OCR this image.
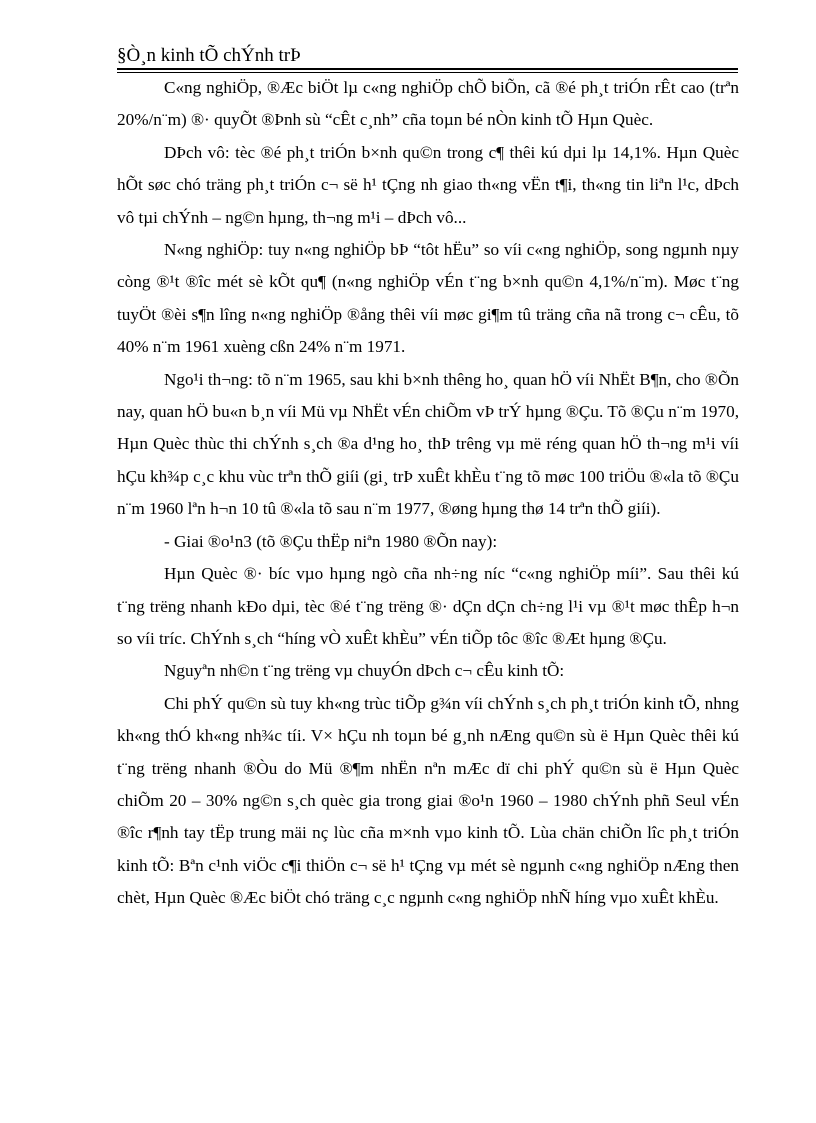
§Ò¸n kinh tÕ chÝnh trÞ

C«ng nghiÖp, ®Æc biÖt lµ c«ng nghiÖp chÕ biÕn, cã ®é ph¸t triÓn rÊt cao (trªn 20%/n¨m) ®· quyÕt ®Þnh sù “cÊt c¸nh” cña toµn bé nÒn kinh tÕ Hµn Quèc.

DÞch vô: tèc ®é ph¸t triÓn b×nh qu©n trong c¶ thêi kú dµi lµ 14,1%. Hµn Quèc hÕt søc chó träng ph¸t triÓn c¬ së h¹ tÇng nh giao th«ng vËn t¶i, th«ng tin liªn l¹c, dÞch vô tµi chÝnh – ng©n hµng, th¬ng m¹i – dÞch vô...

N«ng nghiÖp: tuy n«ng nghiÖp bÞ “tôt hËu” so víi c«ng nghiÖp, song ngµnh nµy còng ®¹t ®îc mét sè kÕt qu¶ (n«ng nghiÖp vÉn t¨ng b×nh qu©n 4,1%/n¨m). Møc t¨ng tuyÖt ®èi s¶n lîng n«ng nghiÖp ®ång thêi víi møc gi¶m tû träng cña nã trong c¬ cÊu, tõ 40% n¨m 1961 xuèng cßn 24% n¨m 1971.

Ngo¹i th¬ng: tõ n¨m 1965, sau khi b×nh thêng ho¸ quan hÖ víi NhËt B¶n, cho ®Õn nay, quan hÖ bu«n b¸n víi Mü vµ NhËt vÉn chiÕm vÞ trÝ hµng ®Çu. Tõ ®Çu n¨m 1970, Hµn Quèc thùc thi chÝnh s¸ch ®a d¹ng ho¸ thÞ trêng vµ më réng quan hÖ th¬ng m¹i víi hÇu kh¾p c¸c khu vùc trªn thÕ giíi (gi¸ trÞ xuÊt khÈu t¨ng tõ møc 100 triÖu ®«la tõ ®Çu n¨m 1960 lªn h¬n 10 tû ®«la tõ sau n¨m 1977, ®øng hµng thø 14 trªn thÕ giíi).

- Giai ®o¹n3 (tõ ®Çu thËp niªn 1980 ®Õn nay):

Hµn Quèc ®· bíc vµo hµng ngò cña nh÷ng níc “c«ng nghiÖp míi”. Sau thêi kú t¨ng trëng nhanh kÐo dµi, tèc ®é t¨ng trëng ®· dÇn dÇn ch÷ng l¹i vµ ®¹t møc thÊp h¬n so víi tríc. ChÝnh s¸ch “híng vÒ xuÊt khÈu” vÉn tiÕp tôc ®îc ®Æt hµng ®Çu.

Nguyªn nh©n t¨ng trëng vµ chuyÓn dÞch c¬ cÊu kinh tÕ:

Chi phÝ qu©n sù tuy kh«ng trùc tiÕp g¾n víi chÝnh s¸ch ph¸t triÓn kinh tÕ, nhng kh«ng thÓ kh«ng nh¾c tíi. V× hÇu nh toµn bé g¸nh nÆng qu©n sù ë Hµn Quèc thêi kú t¨ng trëng nhanh ®Òu do Mü ®¶m nhËn nªn mÆc dï chi phÝ qu©n sù ë Hµn Quèc chiÕm 20 – 30% ng©n s¸ch quèc gia trong giai ®o¹n 1960 – 1980 chÝnh phñ Seul vÉn ®îc r¶nh tay tËp trung mäi nç lùc cña m×nh vµo kinh tÕ. Lùa chän chiÕn lîc ph¸t triÓn kinh tÕ: Bªn c¹nh viÖc c¶i thiÖn c¬ së h¹ tÇng vµ mét sè ngµnh c«ng nghiÖp nÆng then chèt, Hµn Quèc ®Æc biÖt chó träng c¸c ngµnh c«ng nghiÖp nhÑ híng vµo xuÊt khÈu.
